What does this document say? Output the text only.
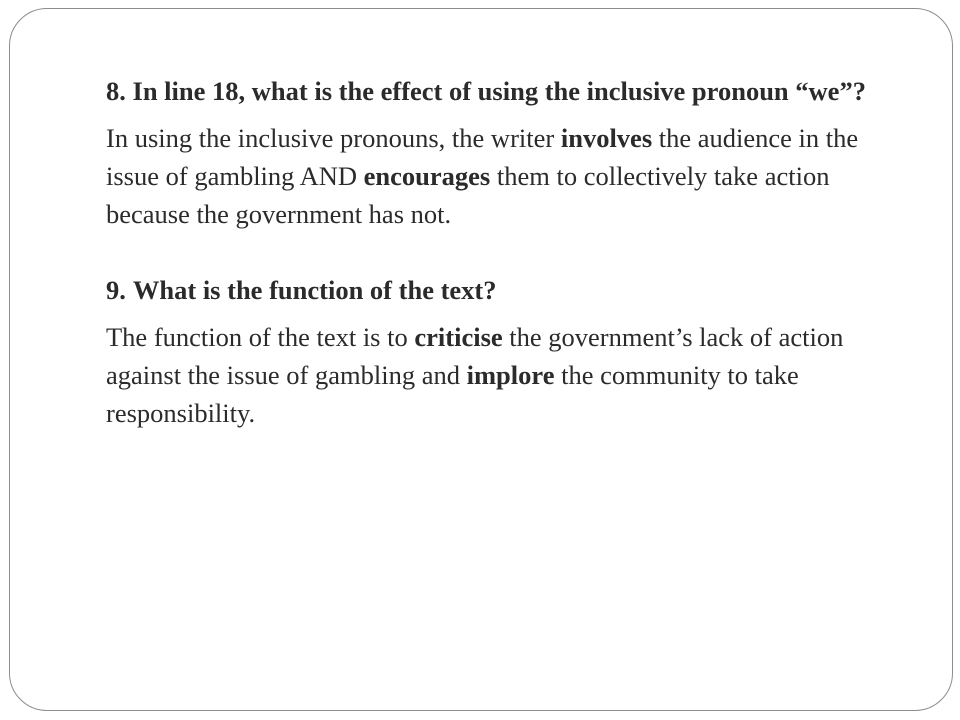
8. In line 18, what is the effect of using the inclusive pronoun “we”?

In using the inclusive pronouns, the writer involves the audience in the issue of gambling AND encourages them to collectively take action because the government has not.

9. What is the function of the text?

The function of the text is to criticise the government’s lack of action against the issue of gambling and implore the community to take responsibility.
